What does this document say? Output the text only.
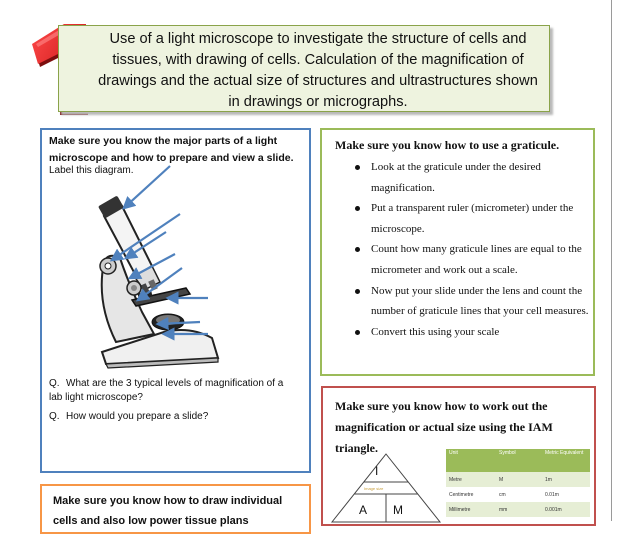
Use of a light microscope to investigate the structure of cells and tissues, with drawing of cells. Calculation of the magnification of drawings and the actual size of structures and ultrastructures shown in drawings or micrographs.
Make sure you know the major parts of a light microscope and how to prepare and view a slide.
Label this diagram.
Q. What are the 3 typical levels of magnification of a lab light microscope?
Q. How would you prepare a slide?
Make sure you know how to use a graticule.
Look at the graticule under the desired magnification.
Put a transparent ruler (micrometer) under the microscope.
Count how many graticule lines are equal to the micrometer and work out a scale.
Now put your slide under the lens and count the number of graticule lines that your cell measures.
Convert this using your scale
Make sure you know how to work out the magnification or actual size using the IAM triangle.
I
Image size
A M
Unit	Symbol	Metric Equivalent
Metre	M	1m
Centimetre	cm	0.01m
Millimetre	mm	0.001m
Make sure you know how to draw individual cells and also low power tissue plans
